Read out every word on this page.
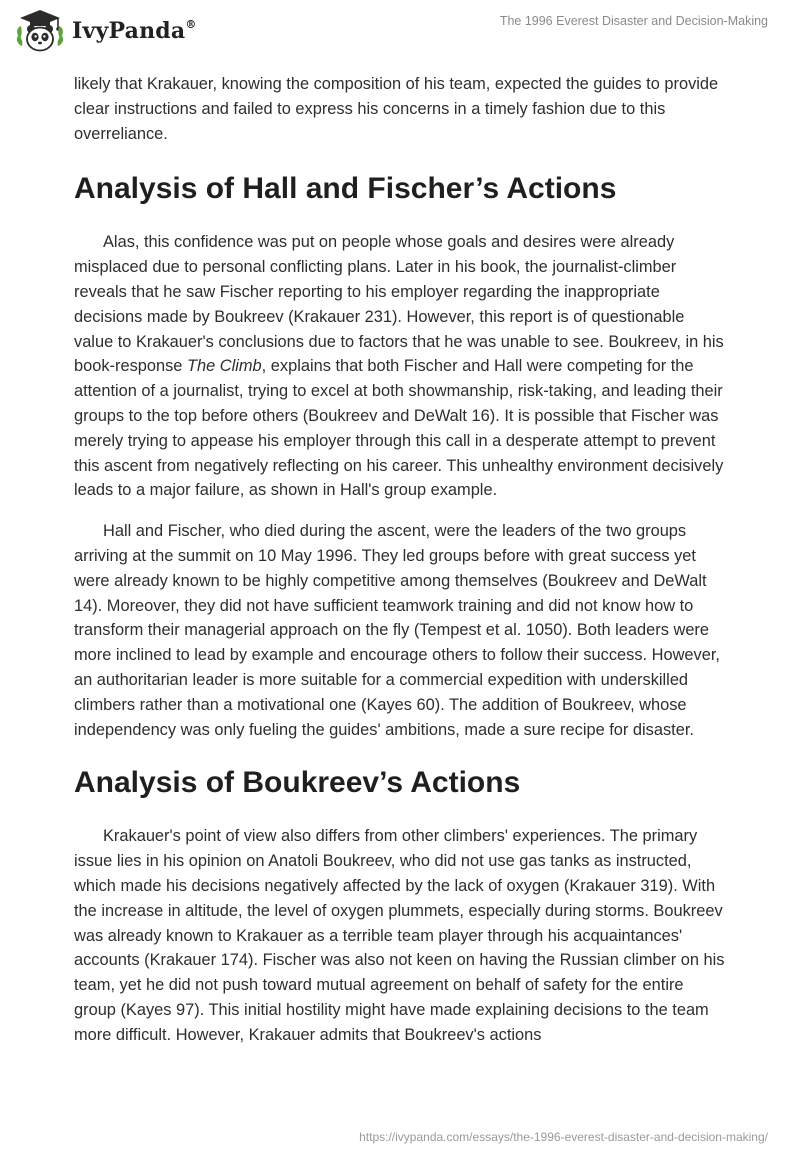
IvyPanda®	The 1996 Everest Disaster and Decision-Making

likely that Krakauer, knowing the composition of his team, expected the guides to provide clear instructions and failed to express his concerns in a timely fashion due to this overreliance.

Analysis of Hall and Fischer’s Actions

Alas, this confidence was put on people whose goals and desires were already misplaced due to personal conflicting plans. Later in his book, the journalist-climber reveals that he saw Fischer reporting to his employer regarding the inappropriate decisions made by Boukreev (Krakauer 231). However, this report is of questionable value to Krakauer's conclusions due to factors that he was unable to see. Boukreev, in his book-response The Climb, explains that both Fischer and Hall were competing for the attention of a journalist, trying to excel at both showmanship, risk-taking, and leading their groups to the top before others (Boukreev and DeWalt 16). It is possible that Fischer was merely trying to appease his employer through this call in a desperate attempt to prevent this ascent from negatively reflecting on his career. This unhealthy environment decisively leads to a major failure, as shown in Hall's group example.

Hall and Fischer, who died during the ascent, were the leaders of the two groups arriving at the summit on 10 May 1996. They led groups before with great success yet were already known to be highly competitive among themselves (Boukreev and DeWalt 14). Moreover, they did not have sufficient teamwork training and did not know how to transform their managerial approach on the fly (Tempest et al. 1050). Both leaders were more inclined to lead by example and encourage others to follow their success. However, an authoritarian leader is more suitable for a commercial expedition with underskilled climbers rather than a motivational one (Kayes 60). The addition of Boukreev, whose independency was only fueling the guides' ambitions, made a sure recipe for disaster.

Analysis of Boukreev’s Actions

Krakauer's point of view also differs from other climbers' experiences. The primary issue lies in his opinion on Anatoli Boukreev, who did not use gas tanks as instructed, which made his decisions negatively affected by the lack of oxygen (Krakauer 319). With the increase in altitude, the level of oxygen plummets, especially during storms. Boukreev was already known to Krakauer as a terrible team player through his acquaintances' accounts (Krakauer 174). Fischer was also not keen on having the Russian climber on his team, yet he did not push toward mutual agreement on behalf of safety for the entire group (Kayes 97). This initial hostility might have made explaining decisions to the team more difficult. However, Krakauer admits that Boukreev's actions

https://ivypanda.com/essays/the-1996-everest-disaster-and-decision-making/
